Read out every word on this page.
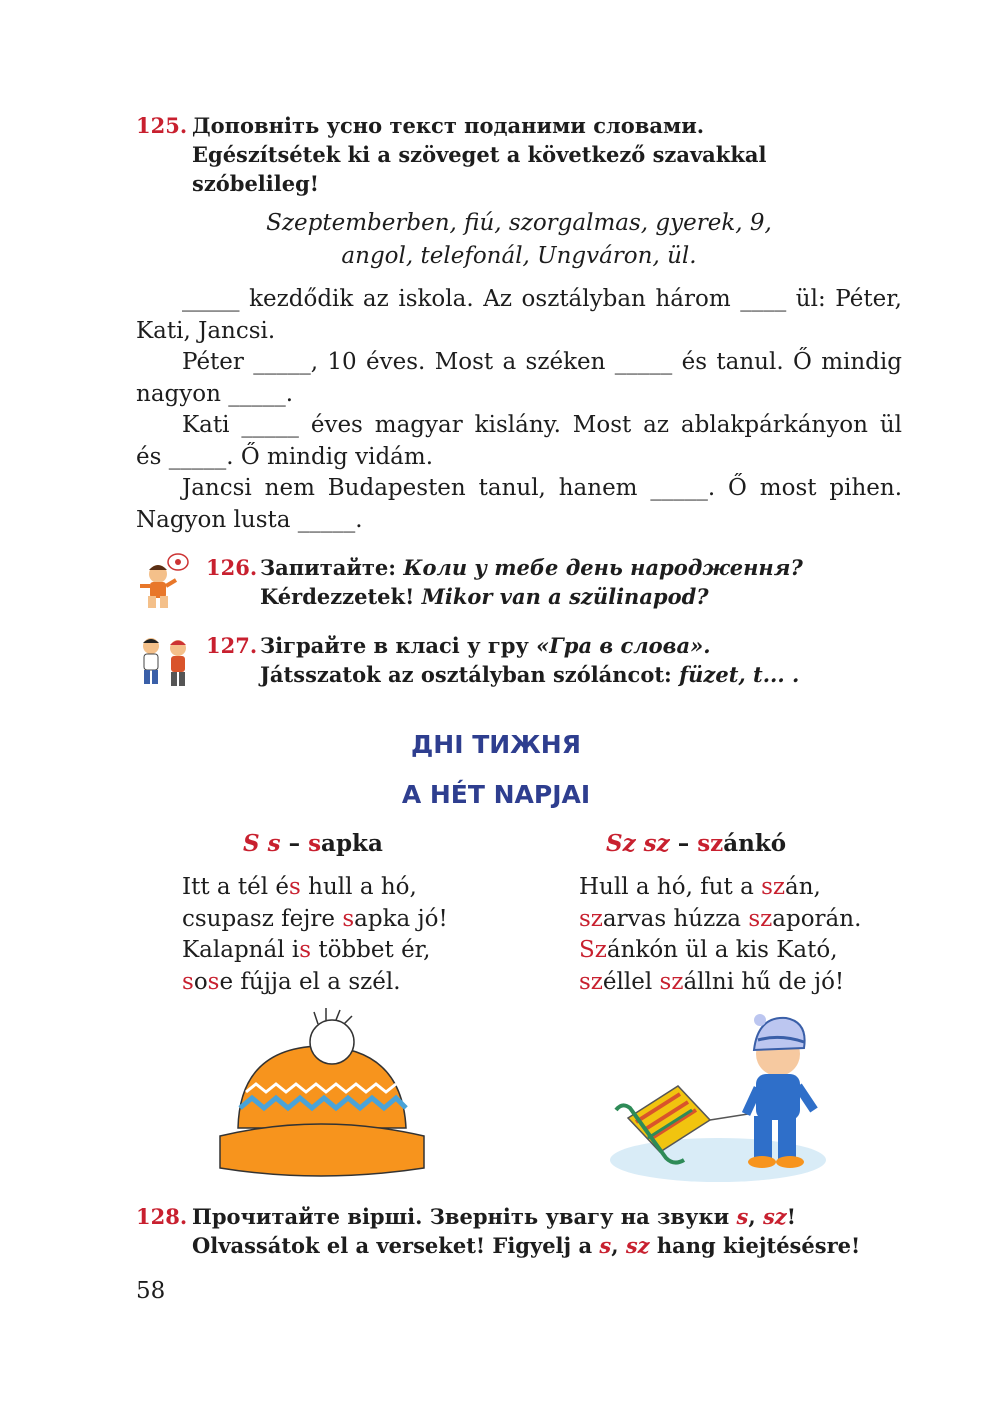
125. Доповніть усно текст поданими словами.
Egészítsétek ki a szöveget a következő szavakkal
szóbelileg!
Szeptemberben, fiú, szorgalmas, gyerek, 9,
angol, telefonál, Ungváron, ül.

_____ kezdődik az iskola. Az osztályban három ____ ül: Péter,

Kati, Jancsi.

Péter _____, 10 éves. Most a széken _____ és tanul. Ő mindig

nagyon _____.

Kati _____ éves magyar kislány. Most az ablakpárkányon ül

és _____. Ő mindig vidám.

Jancsi nem Budapesten tanul, hanem _____. Ő most pihen.

Nagyon lusta _____.

126. Запитайте: Коли у тебе день народження?
Kérdezzetek! Mikor van a szülinapod?
127. Зіграйте в класі у гру «Гра в слова».
Játsszatok az osztályban szóláncot: füzet, t... .
ДНІ ТИЖНЯ
A HÉT NAPJAI
S s – sapka
Itt a tél és hull a hó,
csupasz fejre sapka jó!
Kalapnál is többet ér,
sose fújja el a szél.
Sz sz – szánkó
Hull a hó, fut a szán,
szarvas húzza szaporán.
Szánkón ül a kis Kató,
széllel szállni hű de jó!
128. Прочитайте вірші. Зверніть увагу на звуки s, sz!
Olvassátok el a verseket! Figyelj a s, sz hang kiejtésésre!
58
